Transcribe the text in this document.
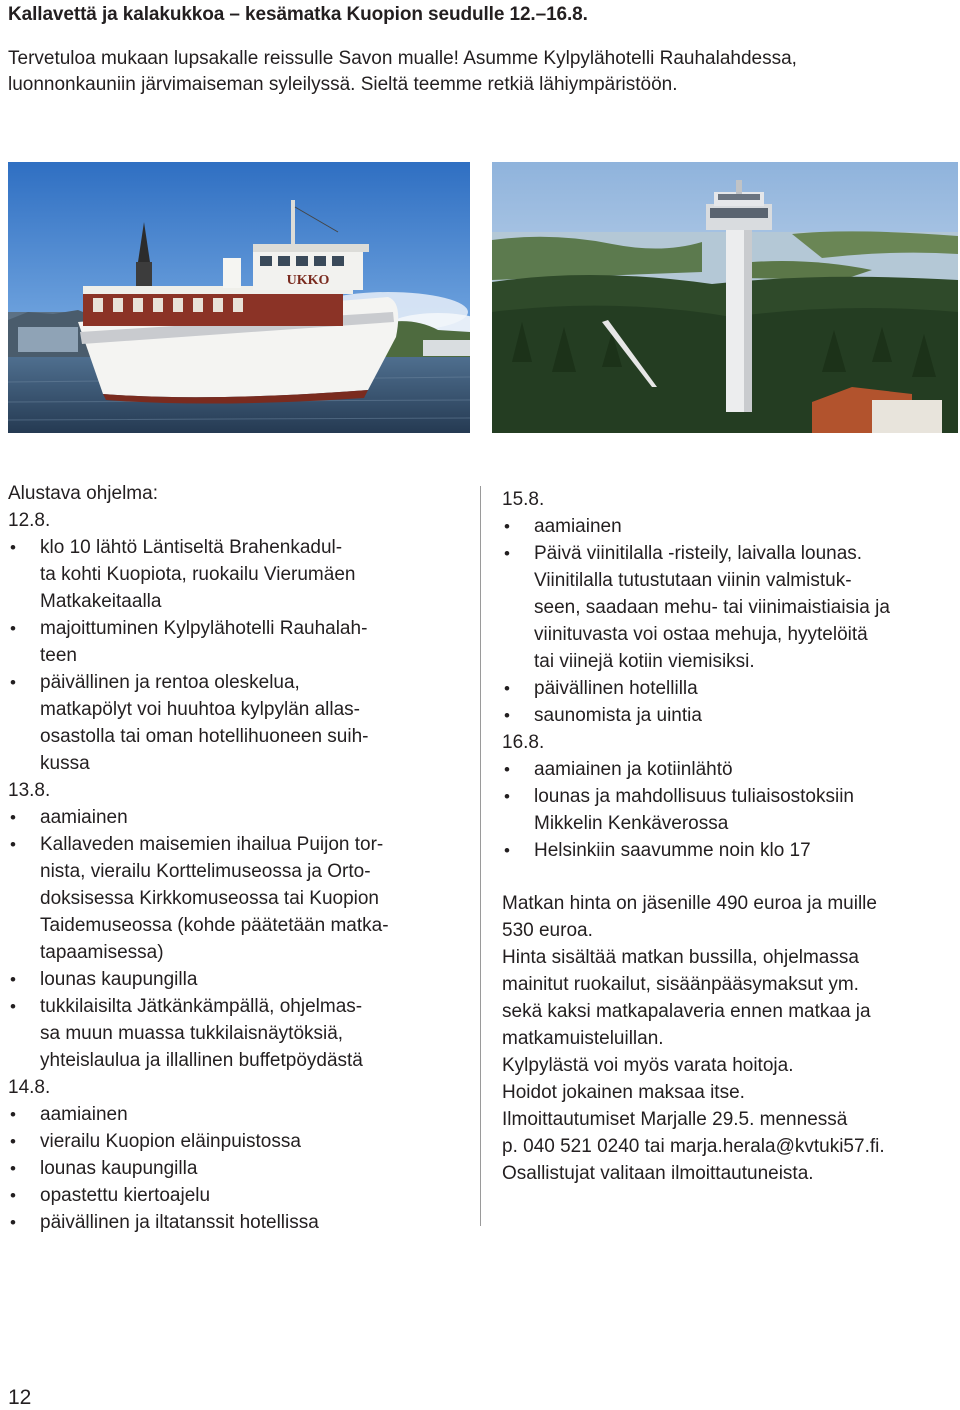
Kallavettä ja kalakukkoa – kesämatka Kuopion seudulle 12.–16.8.
Tervetuloa mukaan lupsakalle reissulle Savon mualle! Asumme Kylpylähotelli Rauhalahdessa,
luonnonkauniin järvimaiseman syleilyssä. Sieltä teemme retkiä lähiympäristöön.
UKKO
Alustava ohjelma:
12.8.
•	klo 10 lähtö Läntiseltä Brahenkadul-
ta kohti Kuopiota, ruokailu Vierumäen
Matkakeitaalla
•	majoittuminen Kylpylähotelli Rauhalah-
teen
•	päivällinen ja rentoa oleskelua,
matkapölyt voi huuhtoa kylpylän allas-
osastolla tai oman hotellihuoneen suih-
kussa
13.8.
•	aamiainen
•	Kallaveden maisemien ihailua Puijon tor-
nista, vierailu Korttelimuseossa ja Orto-
doksisessa Kirkkomuseossa tai Kuopion
Taidemuseossa (kohde päätetään matka-
tapaamisessa)
•	lounas kaupungilla
•	tukkilaisilta Jätkänkämpällä, ohjelmas-
sa muun muassa tukkilaisnäytöksiä,
yhteislaulua ja illallinen buffetpöydästä
14.8.
•	aamiainen
•	vierailu Kuopion eläinpuistossa
•	lounas kaupungilla
•	opastettu kiertoajelu
•	päivällinen ja iltatanssit hotellissa
15.8.
•	aamiainen
•	Päivä viinitilalla -risteily, laivalla lounas.
Viinitilalla tutustutaan viinin valmistuk-
seen, saadaan mehu- tai viinimaistiaisia ja
viinituvasta voi ostaa mehuja, hyytelöitä
tai viinejä kotiin viemisiksi.
•	päivällinen hotellilla
•	saunomista ja uintia
16.8.
•	aamiainen ja kotiinlähtö
•	lounas ja mahdollisuus tuliaisostoksiin
Mikkelin Kenkäverossa
•	Helsinkiin saavumme noin klo 17
Matkan hinta on jäsenille 490 euroa ja muille
530 euroa.
Hinta sisältää matkan bussilla, ohjelmassa
mainitut ruokailut, sisäänpääsymaksut ym.
sekä kaksi matkapalaveria ennen matkaa ja
matkamuisteluillan.
Kylpylästä voi myös varata hoitoja.
Hoidot jokainen maksaa itse.
Ilmoittautumiset Marjalle 29.5. mennessä
p. 040 521 0240 tai marja.herala@kvtuki57.fi.
Osallistujat valitaan ilmoittautuneista.
12
